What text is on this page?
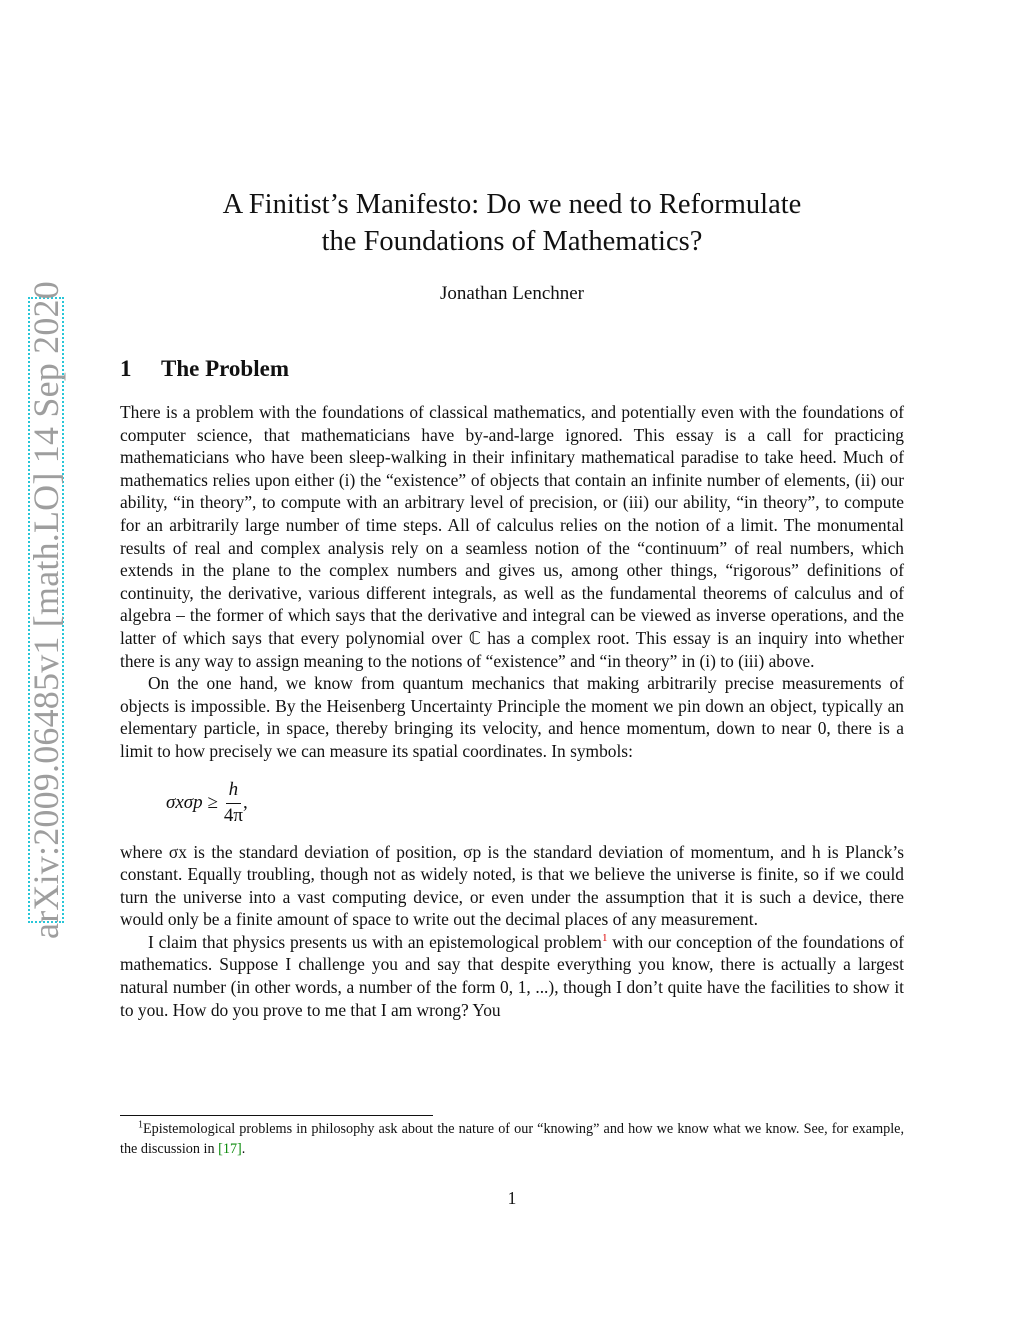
arXiv:2009.06485v1 [math.LO] 14 Sep 2020
A Finitist’s Manifesto: Do we need to Reformulate
the Foundations of Mathematics?
Jonathan Lenchner
1 The Problem

There is a problem with the foundations of classical mathematics, and potentially even with the foundations of computer science, that mathematicians have by-and-large ignored. This essay is a call for practicing mathematicians who have been sleep-walking in their infinitary mathematical paradise to take heed. Much of mathematics relies upon either (i) the “existence” of objects that contain an infinite number of elements, (ii) our ability, “in theory”, to compute with an arbitrary level of precision, or (iii) our ability, “in theory”, to compute for an arbitrarily large number of time steps. All of calculus relies on the notion of a limit. The monumental results of real and complex analysis rely on a seamless notion of the “continuum” of real numbers, which extends in the plane to the complex numbers and gives us, among other things, “rigorous” definitions of continuity, the derivative, various different integrals, as well as the fundamental theorems of calculus and of algebra – the former of which says that the derivative and integral can be viewed as inverse operations, and the latter of which says that every polynomial over ℂ has a complex root. This essay is an inquiry into whether there is any way to assign meaning to the notions of “existence” and “in theory” in (i) to (iii) above.

On the one hand, we know from quantum mechanics that making arbitrarily precise measurements of objects is impossible. By the Heisenberg Uncertainty Principle the moment we pin down an object, typically an elementary particle, in space, thereby bringing its velocity, and hence momentum, down to near 0, there is a limit to how precisely we can measure its spatial coordinates. In symbols:

$\sigma x\sigma p \ge \frac{h}{4\pi}$ ,

where σx is the standard deviation of position, σp is the standard deviation of momentum, and h is Planck’s constant. Equally troubling, though not as widely noted, is that we believe the universe is finite, so if we could turn the universe into a vast computing device, or even under the assumption that it is such a device, there would only be a finite amount of space to write out the decimal places of any measurement.

I claim that physics presents us with an epistemological problem$^1$ with our conception of the foundations of mathematics. Suppose I challenge you and say that despite everything you know, there is actually a largest natural number (in other words, a number of the form 0, 1, ...), though I don’t quite have the facilities to show it to you. How do you prove to me that I am wrong? You

$^1$Epistemological problems in philosophy ask about the nature of our “knowing” and how we know what we know. See, for example, the discussion in [17].
1
